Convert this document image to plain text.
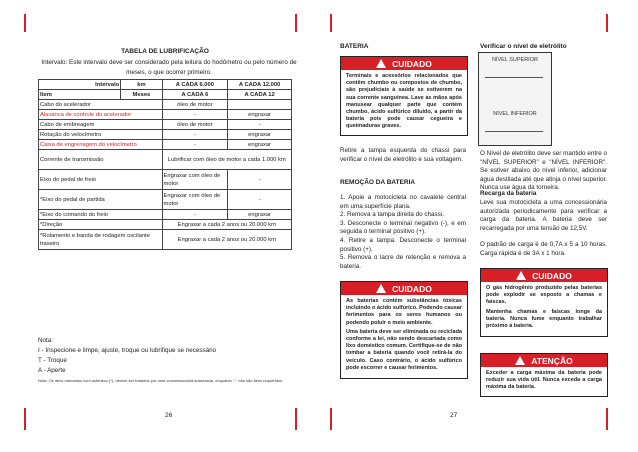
TABELA DE LUBRIFICAÇÃO
Intervalo: Este intervalo deve ser considerado pela leitura do hodômetro ou pelo número de meses, o que ocorrer primeiro.
Intervalo	km	A CADA 6.000	A CADA 12.000
Item	Meses	A CADA 6	A CADA 12
Cabo do acelerador		óleo de motor	
Alavanca de controle do acelerador		-	engraxar
Cabo de embreagem		óleo de motor	-
Rotação do velocímetro		-	engraxar
Caixa de engrenagem do velocímetro		-	engraxar
Corrente de transmissão		Lubrificar com óleo de motor a cada 1.000 km	
Eixo do pedal de freio		Engraxar com óleo de motor	-
*Eixo do pedal de partida		Engraxar com óleo de motor	-
*Eixo do comando do freio		-	engraxar
*Direção		Engraxar a cada 2 anos ou 20.000 km	
*Rolamento e banda de rodagem oscilante traseiro		Engraxar a cada 2 anos ou 20.000 km	
Nota:
I - Inspecione e limpe, ajuste, troque ou lubrifique se necessário
T - Troque
A - Aperte
Nota: Os itens marcados com asterisco (*), devem ser tratados por uma concessionária autorizada, enquanto "-" não são itens requeridos.
26
BATERIA
CUIDADO
Terminais e acessórios relacionados que contêm chumbo ou compostos de chumbo, são prejudiciais à saúde se estiverem na sua corrente sanguínea. Lave as mãos após manusear qualquer parte que contém chumbo, ácido sulfúrico diluído, a partir da bateria pois pode causar cegueira e queimaduras graves.
Retire a tampa esquerda do chassi para verificar o nível de eletrólito e sua voltagem.
REMOÇÃO DA BATERIA

1. Apoie a motocicleta no cavalete central em uma superfície plana.

2. Remova a tampa direita do chassi.

3. Desconecte o terminal negativo (-), e em seguida o terminal positivo (+).

4. Retire a tampa. Desconecte o terminal positivo (+).

5. Remova o lacre de retenção e remova a bateria.

CUIDADO

As baterias contém substâncias tóxicas incluindo o ácido sulfúrico. Podendo causar ferimentos para os seres humanos ou podendo poluir o meio ambiente.

Uma bateria deve ser eliminada ou reciclada conforme a lei, não sendo descartada como lixo doméstico comum. Certifique-se de não tombar a bateria quando você retirá-la do veículo. Caso contrário, o ácido sulfúrico pode escorrer e causar ferimentos.

27
Verificar o nível de eletrólito
NÍVEL SUPERIOR
NÍVEL INFERIOR
O Nível de eletrólito deve ser mantido entre o "NÍVEL SUPERIOR" e "NÍVEL INFERIOR". Se estiver abaixo do nível inferior, adicionar água destilada até que atinja o nível superior. Nunca use água da torneira.
Recarga da bateria
Leve sua motocicleta a uma concessionária autorizada periodicamente para verificar a carga da bateria. A bateria deve ser recarregada por uma tensão de 12,5V.
O padrão de carga é de 0,7A x 5 a 10 horas. Carga rápida é de 3A x 1 hora.
CUIDADO

O gás hidrogênio produzido pelas baterias pode explodir se exposto a chamas e faíscas.

Mantenha chamas e faíscas longe da bateria. Nunca fume enquanto trabalhar próximo à bateria.

ATENÇÃO
Exceder a carga máxima da bateria pode reduzir sua vida útil. Nunca exceda a carga máxima da bateria.
